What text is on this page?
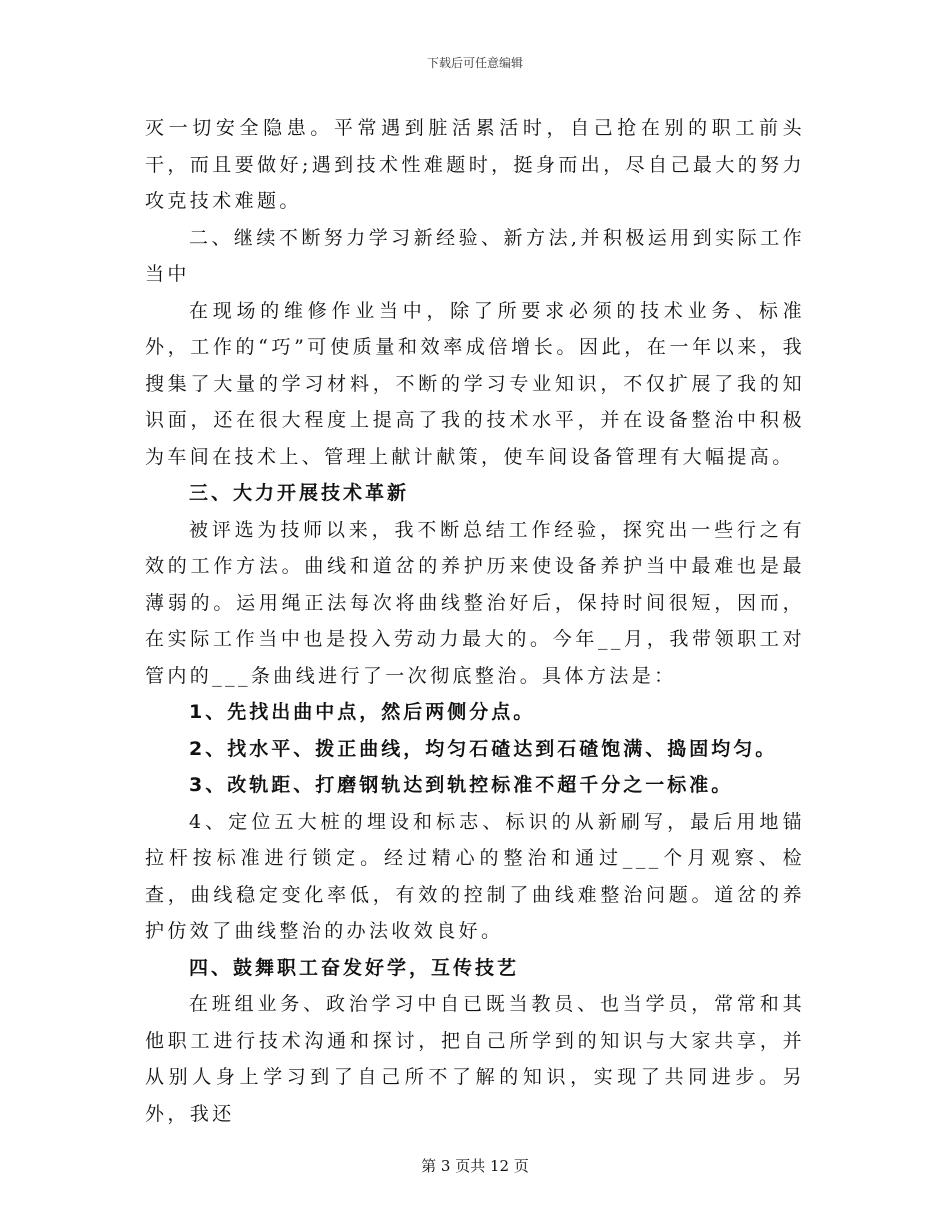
下载后可任意编辑

灭一切安全隐患。平常遇到脏活累活时，自己抢在别的职工前头干，而且要做好;遇到技术性难题时，挺身而出，尽自己最大的努力攻克技术难题。

二、继续不断努力学习新经验、新方法,并积极运用到实际工作当中

在现场的维修作业当中，除了所要求必须的技术业务、标准外，工作的“巧”可使质量和效率成倍增长。因此，在一年以来，我搜集了大量的学习材料，不断的学习专业知识，不仅扩展了我的知识面，还在很大程度上提高了我的技术水平，并在设备整治中积极为车间在技术上、管理上献计献策，使车间设备管理有大幅提高。

三、大力开展技术革新

被评选为技师以来，我不断总结工作经验，探究出一些行之有效的工作方法。曲线和道岔的养护历来使设备养护当中最难也是最薄弱的。运用绳正法每次将曲线整治好后，保持时间很短，因而，在实际工作当中也是投入劳动力最大的。今年__月，我带领职工对管内的___条曲线进行了一次彻底整治。具体方法是：

1、先找出曲中点，然后两侧分点。

2、找水平、拨正曲线，均匀石碴达到石碴饱满、捣固均匀。

3、改轨距、打磨钢轨达到轨控标准不超千分之一标准。

4、定位五大桩的埋设和标志、标识的从新刷写，最后用地锚拉杆按标准进行锁定。经过精心的整治和通过___个月观察、检查，曲线稳定变化率低，有效的控制了曲线难整治问题。道岔的养护仿效了曲线整治的办法收效良好。

四、鼓舞职工奋发好学，互传技艺

在班组业务、政治学习中自已既当教员、也当学员，常常和其他职工进行技术沟通和探讨，把自己所学到的知识与大家共享，并从别人身上学习到了自己所不了解的知识，实现了共同进步。另外，我还

第 3 页共 12 页
